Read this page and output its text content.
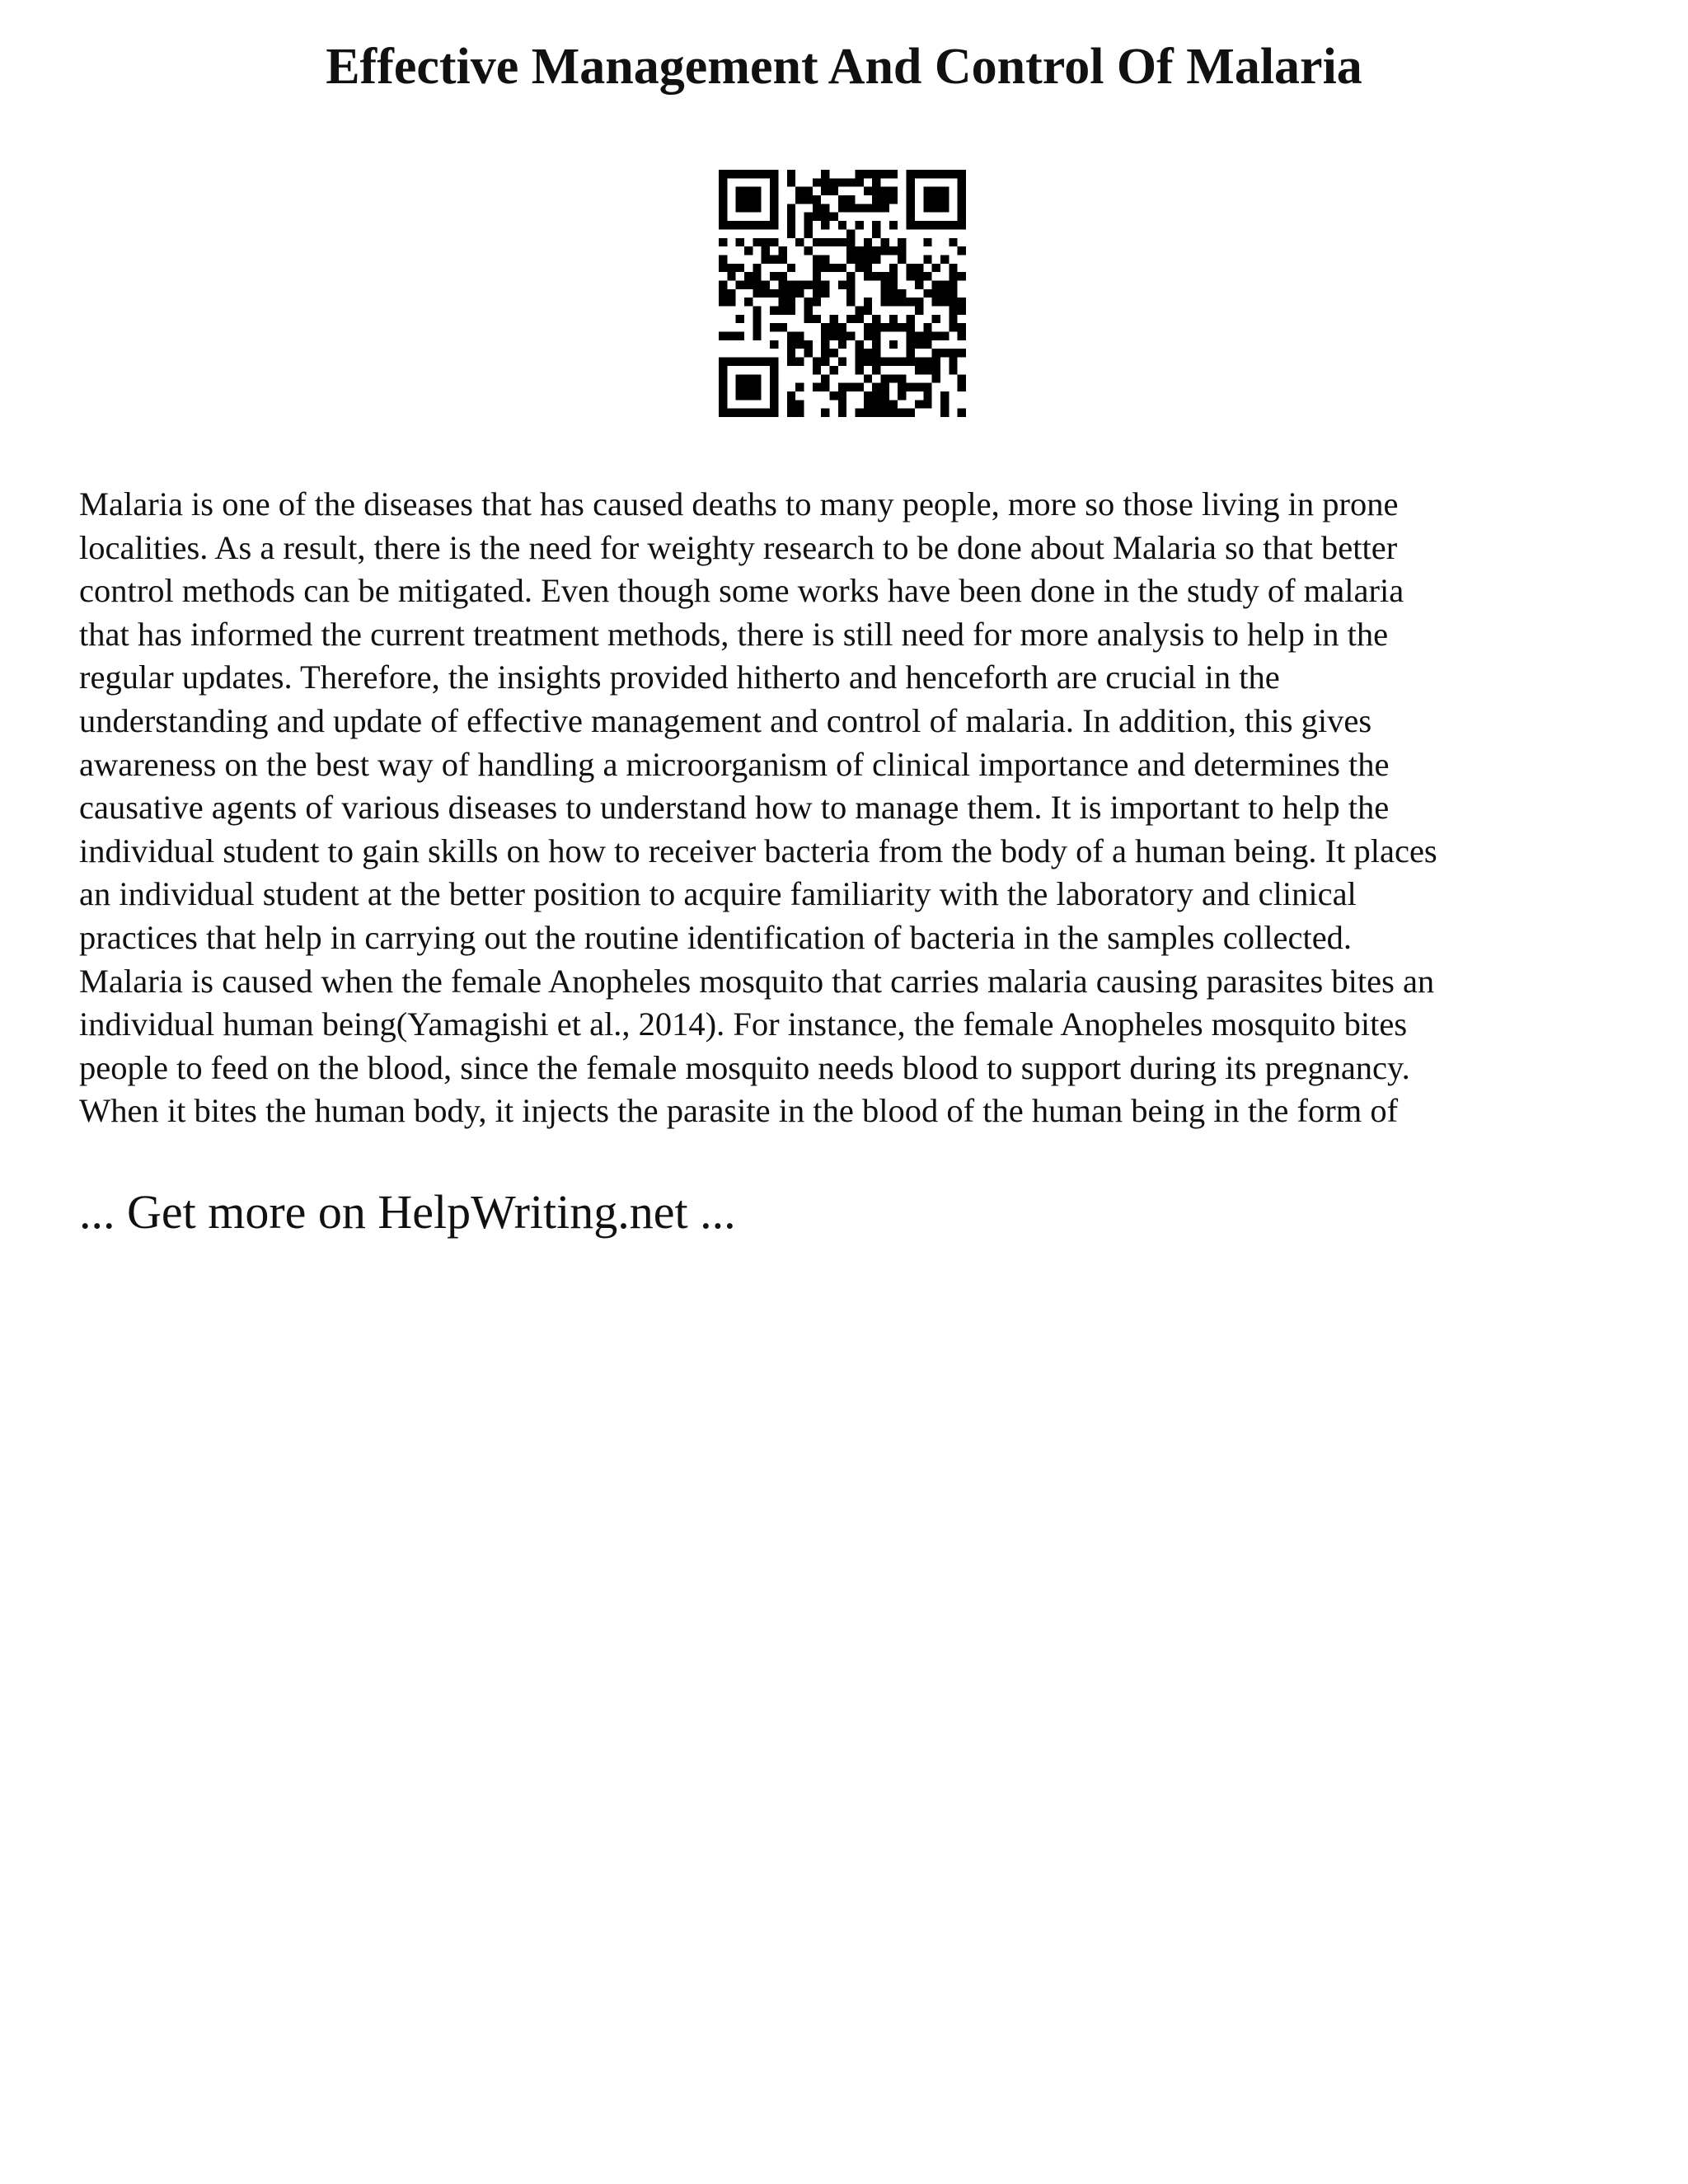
Effective Management And Control Of Malaria
Malaria is one of the diseases that has caused deaths to many people, more so those living in prone
localities. As a result, there is the need for weighty research to be done about Malaria so that better
control methods can be mitigated. Even though some works have been done in the study of malaria
that has informed the current treatment methods, there is still need for more analysis to help in the
regular updates. Therefore, the insights provided hitherto and henceforth are crucial in the
understanding and update of effective management and control of malaria. In addition, this gives
awareness on the best way of handling a microorganism of clinical importance and determines the
causative agents of various diseases to understand how to manage them. It is important to help the
individual student to gain skills on how to receiver bacteria from the body of a human being. It places
an individual student at the better position to acquire familiarity with the laboratory and clinical
practices that help in carrying out the routine identification of bacteria in the samples collected.
Malaria is caused when the female Anopheles mosquito that carries malaria causing parasites bites an
individual human being(Yamagishi et al., 2014). For instance, the female Anopheles mosquito bites
people to feed on the blood, since the female mosquito needs blood to support during its pregnancy.
When it bites the human body, it injects the parasite in the blood of the human being in the form of
... Get more on HelpWriting.net ...
